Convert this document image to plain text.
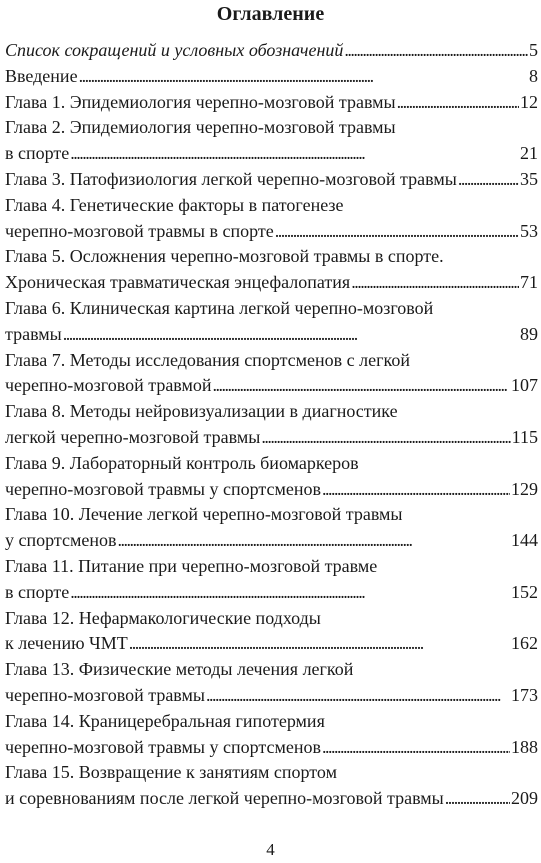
Оглавление
Список сокращений и условных обозначений . . .	5
Введение . . .	8
Глава 1. Эпидемиология черепно-мозговой травмы . . .	12
Глава 2. Эпидемиология черепно-мозговой травмы
в спорте . . .	21
Глава 3. Патофизиология легкой черепно-мозговой травмы . . .	35
Глава 4. Генетические факторы в патогенезе
черепно-мозговой травмы в спорте . . .	53
Глава 5. Осложнения черепно-мозговой травмы в спорте.
Хроническая травматическая энцефалопатия . . .	71
Глава 6. Клиническая картина легкой черепно-мозговой
травмы . . .	89
Глава 7. Методы исследования спортсменов с легкой
черепно-мозговой травмой . . .	107
Глава 8. Методы нейровизуализации в диагностике
легкой черепно-мозговой травмы . . .	115
Глава 9. Лабораторный контроль биомаркеров
черепно-мозговой травмы у спортсменов . . .	129
Глава 10. Лечение легкой черепно-мозговой травмы
у спортсменов . . .	144
Глава 11. Питание при черепно-мозговой травме
в спорте . . .	152
Глава 12. Нефармакологические подходы
к лечению ЧМТ . . .	162
Глава 13. Физические методы лечения легкой
черепно-мозговой травмы . . .	173
Глава 14. Краницеребральная гипотермия
черепно-мозговой травмы у спортсменов . . .	188
Глава 15. Возвращение к занятиям спортом
и соревнованиям после легкой черепно-мозговой травмы . . .	209
4
